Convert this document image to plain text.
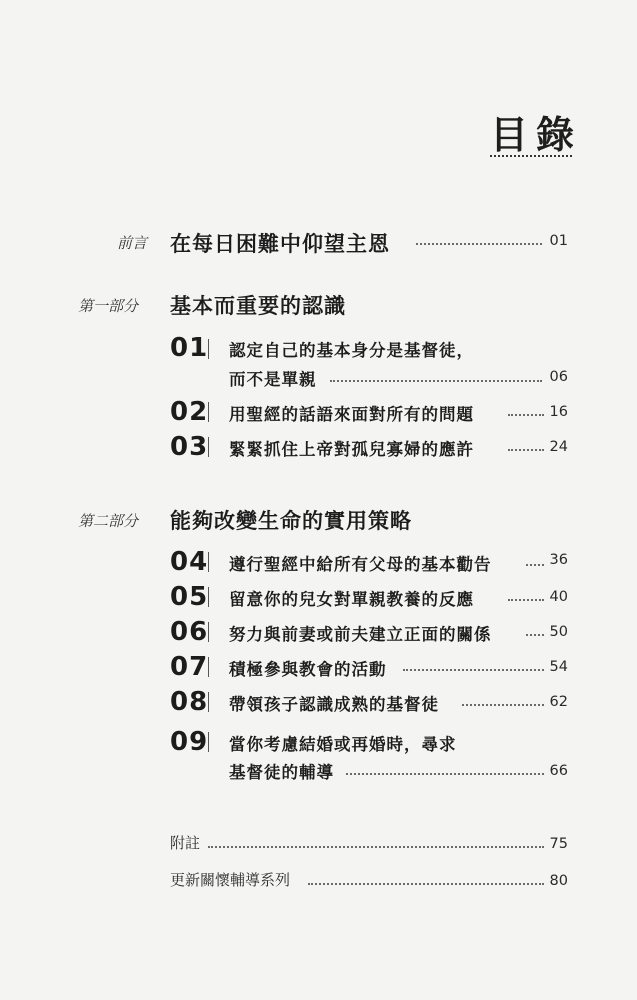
目錄
前言 在每日困難中仰望主恩	01
第一部分 基本而重要的認識
01 認定自己的基本身分是基督徒，
而不是單親	06
02 用聖經的話語來面對所有的問題	16
03 緊緊抓住上帝對孤兒寡婦的應許	24
第二部分 能夠改變生命的實用策略
04 遵行聖經中給所有父母的基本勸告	36
05 留意你的兒女對單親教養的反應	40
06 努力與前妻或前夫建立正面的關係	50
07 積極參與教會的活動	54
08 帶領孩子認識成熟的基督徒	62
09 當你考慮結婚或再婚時，尋求
基督徒的輔導	66
附註	75
更新關懷輔導系列	80
